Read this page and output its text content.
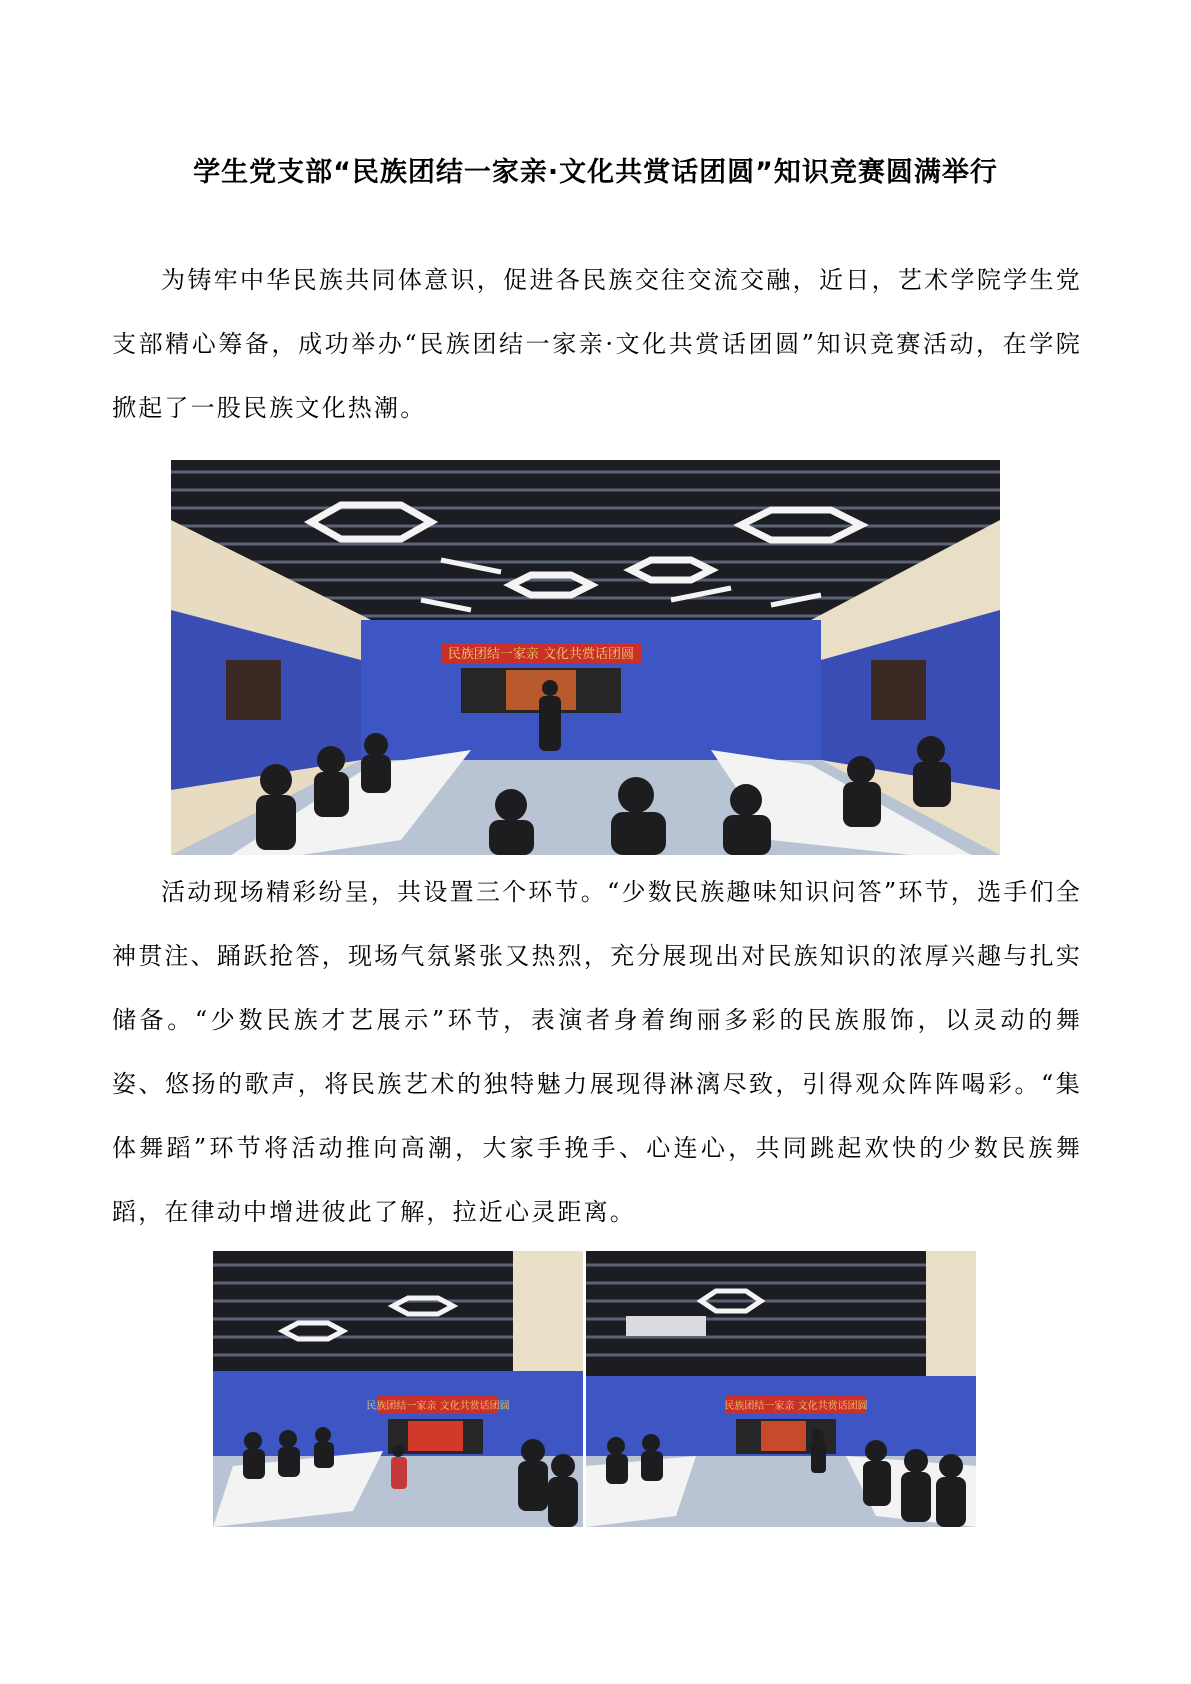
学生党支部“民族团结一家亲·文化共赏话团圆”知识竞赛圆满举行

为铸牢中华民族共同体意识，促进各民族交往交流交融，近日，艺术学院学生党支部精心筹备，成功举办“民族团结一家亲·文化共赏话团圆”知识竞赛活动，在学院掀起了一股民族文化热潮。

民族团结一家亲 文化共赏话团圆

活动现场精彩纷呈，共设置三个环节。“少数民族趣味知识问答”环节，选手们全神贯注、踊跃抢答，现场气氛紧张又热烈，充分展现出对民族知识的浓厚兴趣与扎实储备。“少数民族才艺展示”环节，表演者身着绚丽多彩的民族服饰，以灵动的舞姿、悠扬的歌声，将民族艺术的独特魅力展现得淋漓尽致，引得观众阵阵喝彩。“集体舞蹈”环节将活动推向高潮，大家手挽手、心连心，共同跳起欢快的少数民族舞蹈，在律动中增进彼此了解，拉近心灵距离。

民族团结一家亲 文化共赏话团圆	民族团结一家亲 文化共赏话团圆
